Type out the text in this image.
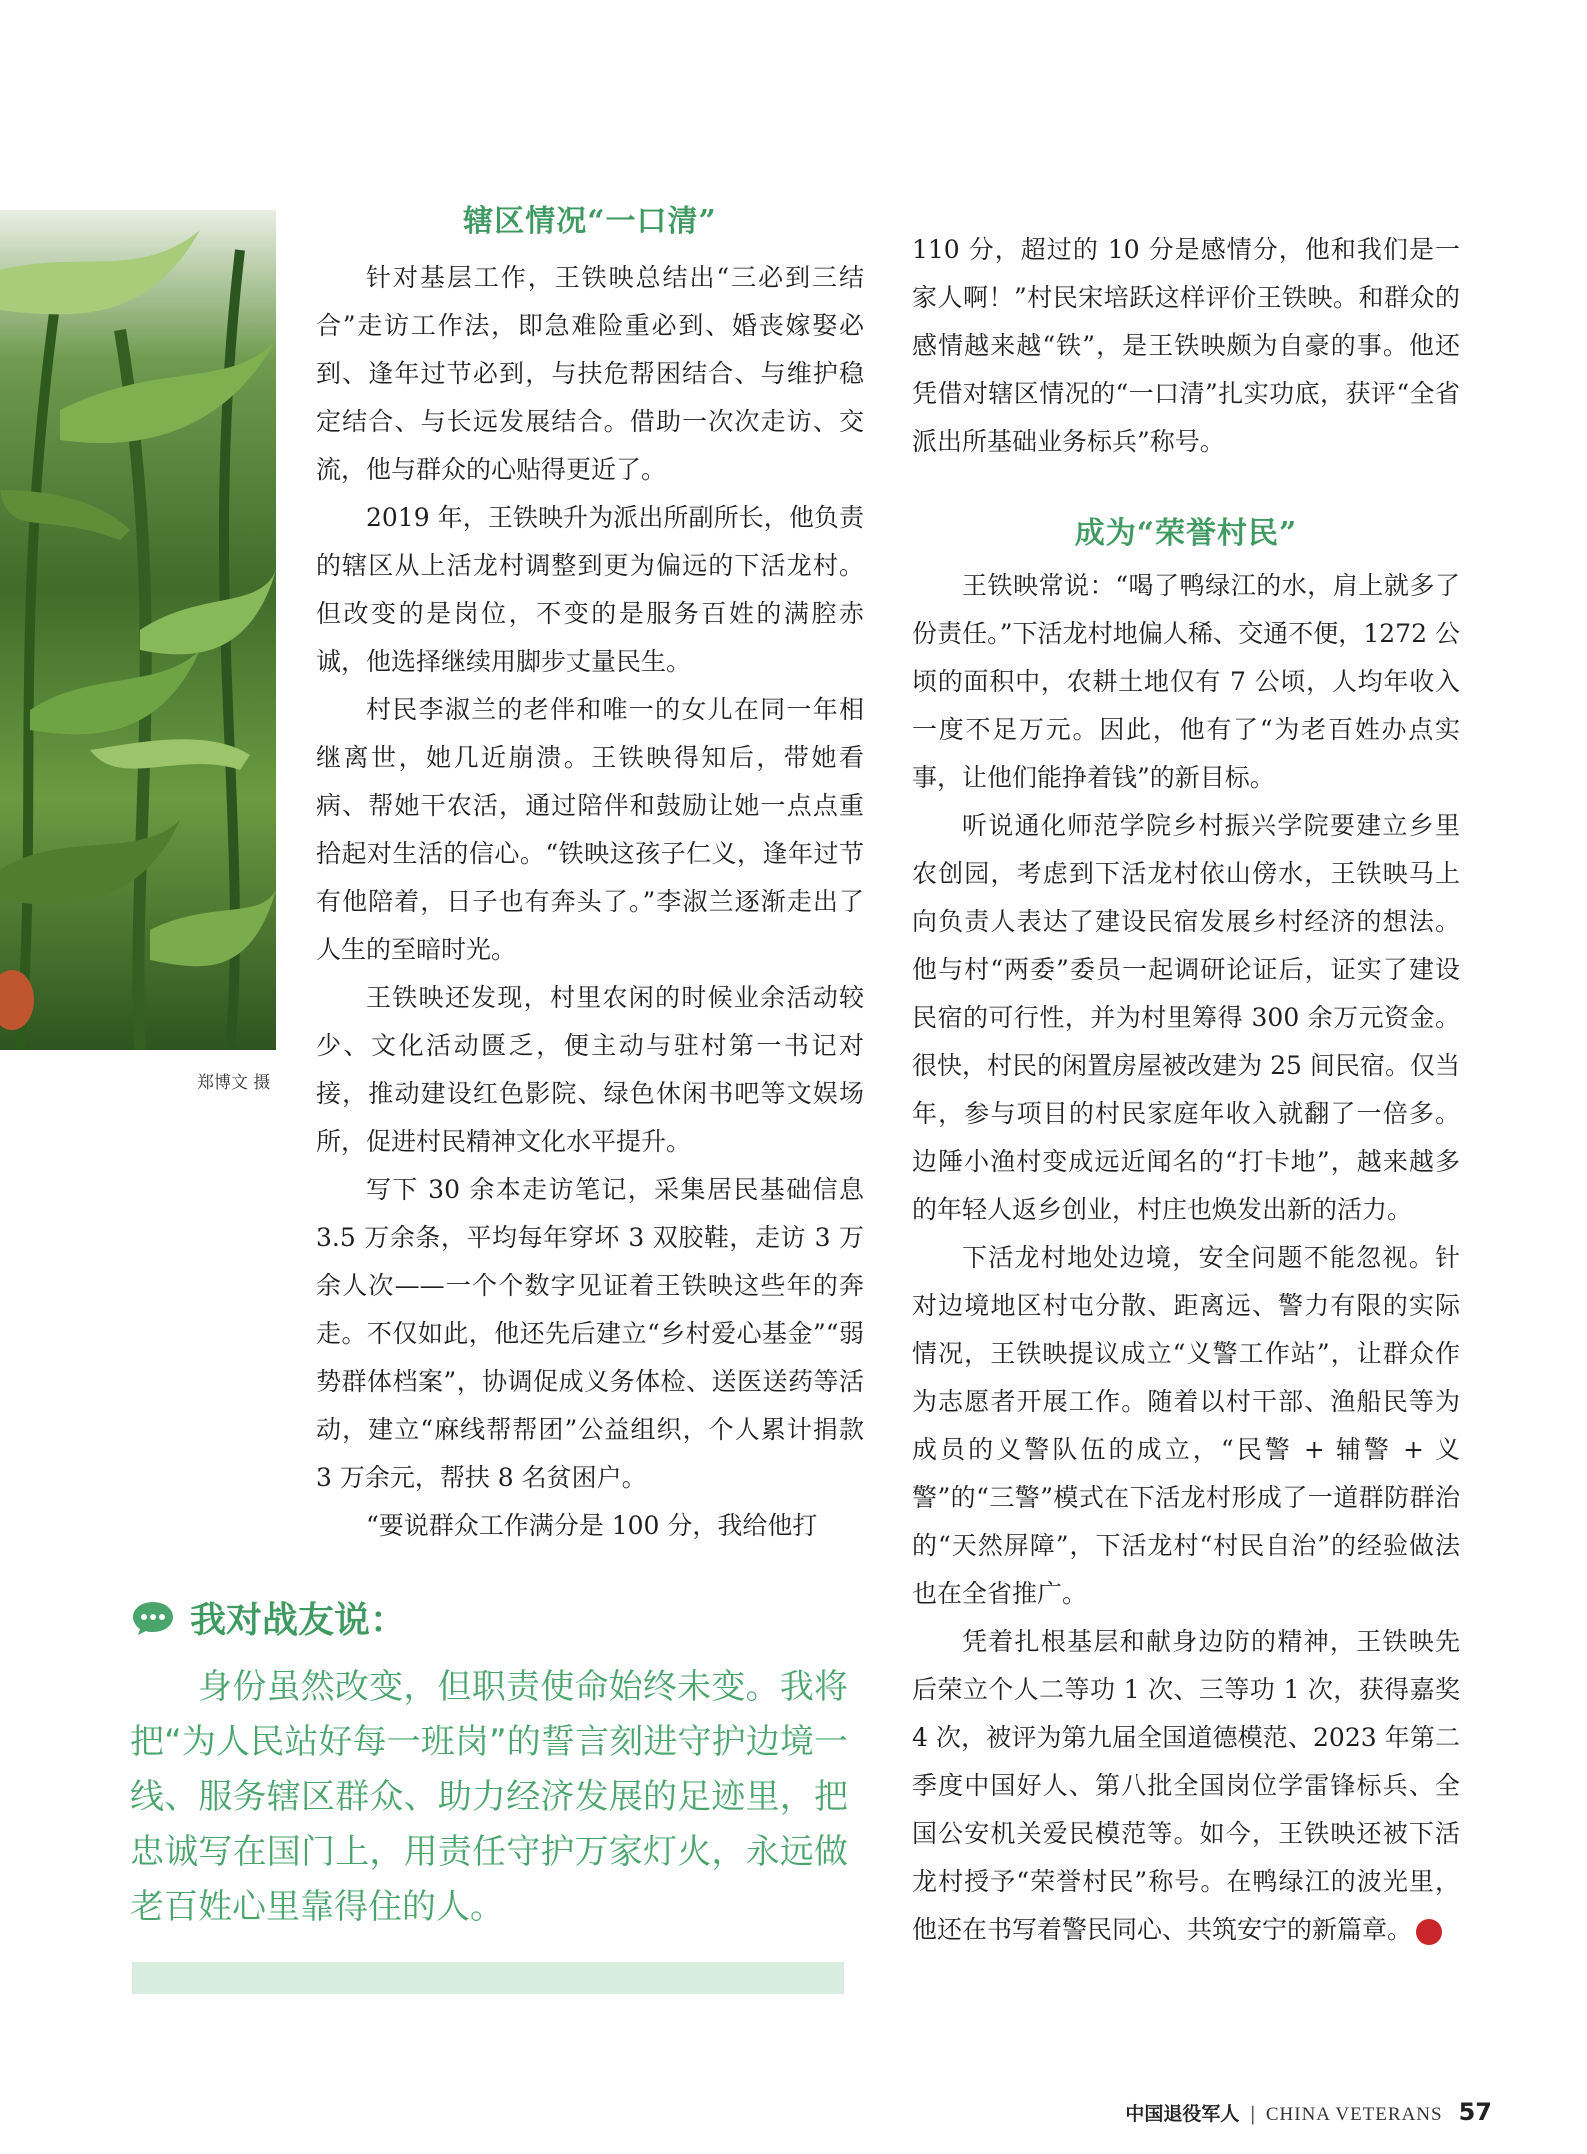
郑博文 摄
辖区情况“一口清”

针对基层工作，王铁映总结出“三必到三结合”走访工作法，即急难险重必到、婚丧嫁娶必到、逢年过节必到，与扶危帮困结合、与维护稳定结合、与长远发展结合。借助一次次走访、交流，他与群众的心贴得更近了。

2019 年，王铁映升为派出所副所长，他负责的辖区从上活龙村调整到更为偏远的下活龙村。但改变的是岗位，不变的是服务百姓的满腔赤诚，他选择继续用脚步丈量民生。

村民李淑兰的老伴和唯一的女儿在同一年相继离世，她几近崩溃。王铁映得知后，带她看病、帮她干农活，通过陪伴和鼓励让她一点点重拾起对生活的信心。“铁映这孩子仁义，逢年过节有他陪着，日子也有奔头了。”李淑兰逐渐走出了人生的至暗时光。

王铁映还发现，村里农闲的时候业余活动较少、文化活动匮乏，便主动与驻村第一书记对接，推动建设红色影院、绿色休闲书吧等文娱场所，促进村民精神文化水平提升。

写下 30 余本走访笔记，采集居民基础信息 3.5 万余条，平均每年穿坏 3 双胶鞋，走访 3 万余人次——一个个数字见证着王铁映这些年的奔走。不仅如此，他还先后建立“乡村爱心基金”“弱势群体档案”，协调促成义务体检、送医送药等活动，建立“麻线帮帮团”公益组织，个人累计捐款 3 万余元，帮扶 8 名贫困户。

“要说群众工作满分是 100 分，我给他打

110 分，超过的 10 分是感情分，他和我们是一家人啊！”村民宋培跃这样评价王铁映。和群众的感情越来越“铁”，是王铁映颇为自豪的事。他还凭借对辖区情况的“一口清”扎实功底，获评“全省派出所基础业务标兵”称号。

成为“荣誉村民”

王铁映常说：“喝了鸭绿江的水，肩上就多了份责任。”下活龙村地偏人稀、交通不便，1272 公顷的面积中，农耕土地仅有 7 公顷，人均年收入一度不足万元。因此，他有了“为老百姓办点实事，让他们能挣着钱”的新目标。

听说通化师范学院乡村振兴学院要建立乡里农创园，考虑到下活龙村依山傍水，王铁映马上向负责人表达了建设民宿发展乡村经济的想法。他与村“两委”委员一起调研论证后，证实了建设民宿的可行性，并为村里筹得 300 余万元资金。很快，村民的闲置房屋被改建为 25 间民宿。仅当年，参与项目的村民家庭年收入就翻了一倍多。边陲小渔村变成远近闻名的“打卡地”，越来越多的年轻人返乡创业，村庄也焕发出新的活力。

下活龙村地处边境，安全问题不能忽视。针对边境地区村屯分散、距离远、警力有限的实际情况，王铁映提议成立“义警工作站”，让群众作为志愿者开展工作。随着以村干部、渔船民等为成员的义警队伍的成立，“民警 + 辅警 + 义警”的“三警”模式在下活龙村形成了一道群防群治的“天然屏障”，下活龙村“村民自治”的经验做法也在全省推广。

凭着扎根基层和献身边防的精神，王铁映先后荣立个人二等功 1 次、三等功 1 次，获得嘉奖 4 次，被评为第九届全国道德模范、2023 年第二季度中国好人、第八批全国岗位学雷锋标兵、全国公安机关爱民模范等。如今，王铁映还被下活龙村授予“荣誉村民”称号。在鸭绿江的波光里，他还在书写着警民同心、共筑安宁的新篇章。	V

我对战友说：
身份虽然改变，但职责使命始终未变。我将把“为人民站好每一班岗”的誓言刻进守护边境一线、服务辖区群众、助力经济发展的足迹里，把忠诚写在国门上，用责任守护万家灯火，永远做老百姓心里靠得住的人。
中国退役军人 | CHINA VETERANS 57
